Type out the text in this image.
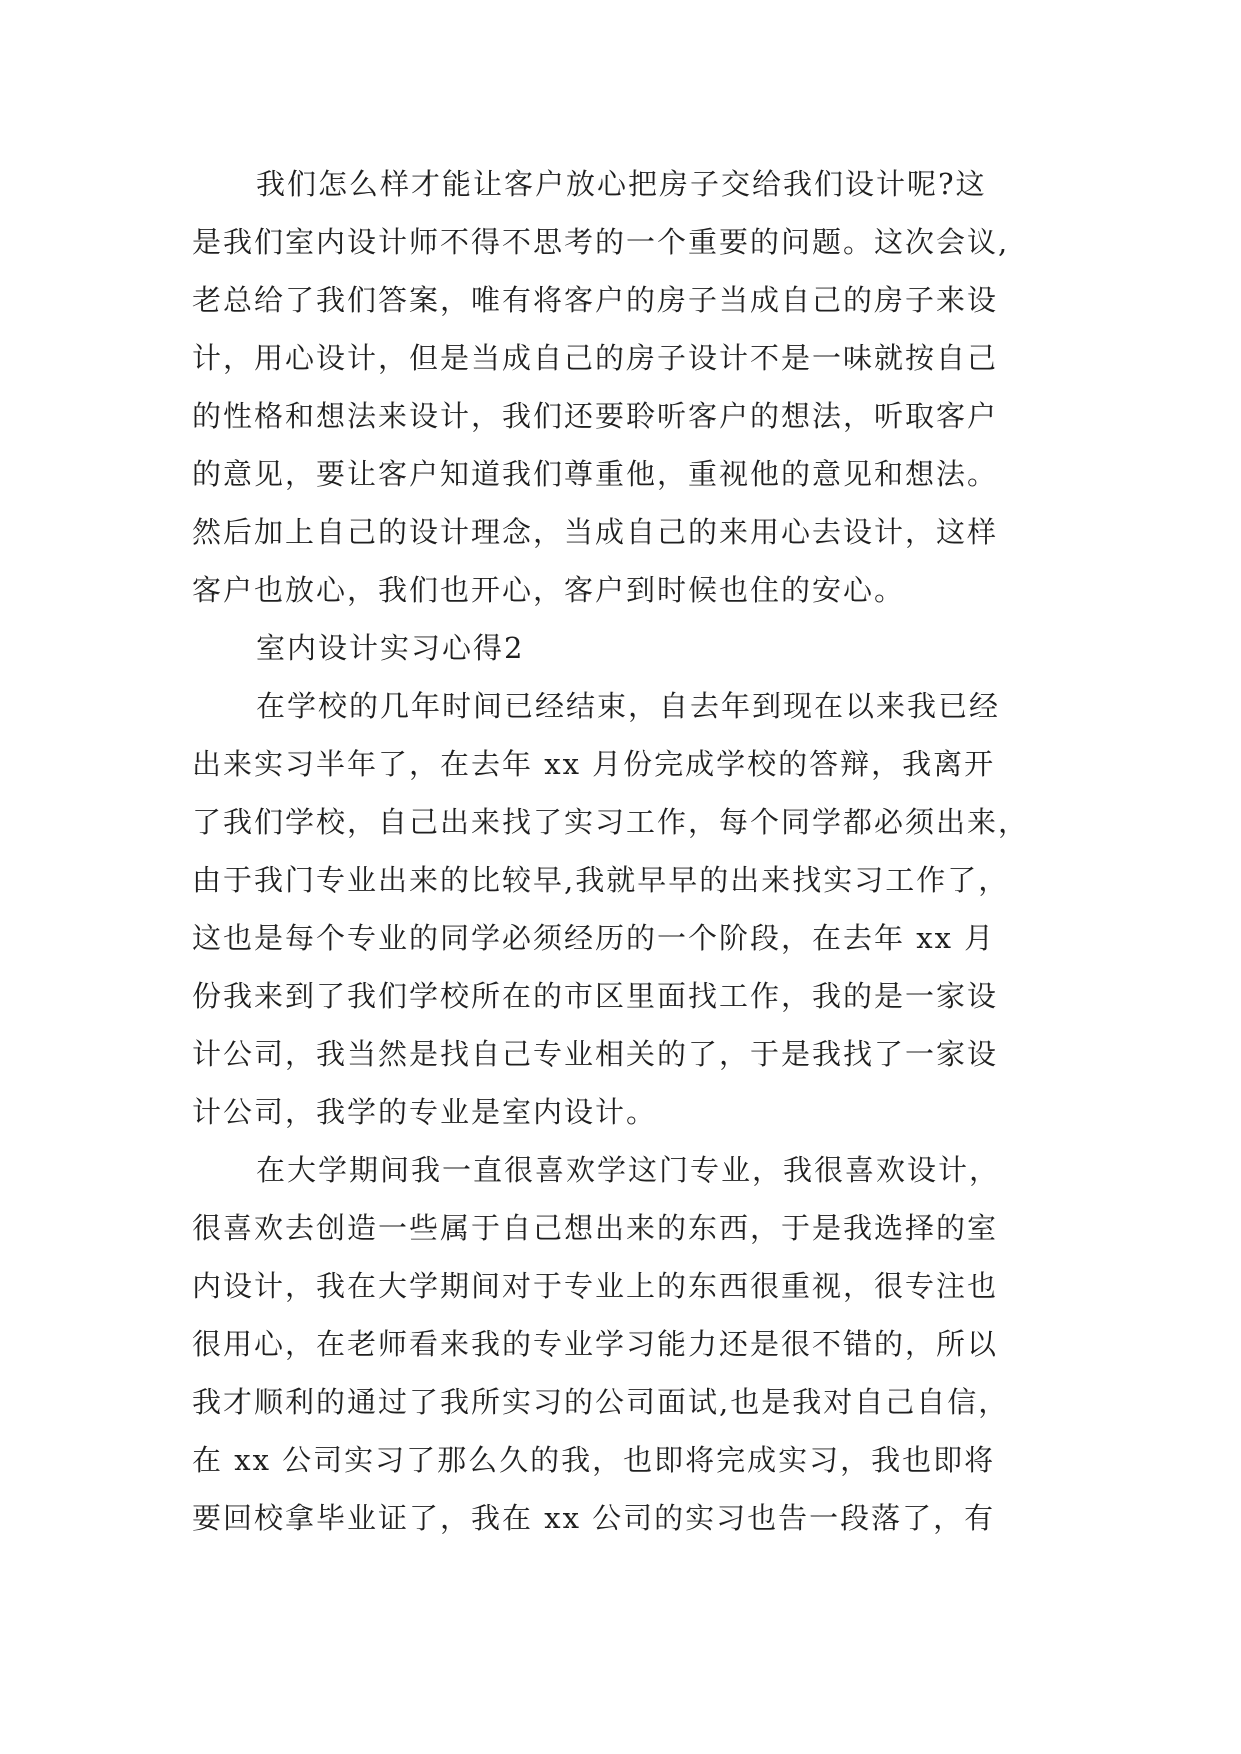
我们怎么样才能让客户放心把房子交给我们设计呢?这
是我们室内设计师不得不思考的一个重要的问题。这次会议,
老总给了我们答案，唯有将客户的房子当成自己的房子来设
计，用心设计，但是当成自己的房子设计不是一味就按自己
的性格和想法来设计，我们还要聆听客户的想法，听取客户
的意见，要让客户知道我们尊重他，重视他的意见和想法。
然后加上自己的设计理念，当成自己的来用心去设计，这样
客户也放心，我们也开心，客户到时候也住的安心。
室内设计实习心得2
在学校的几年时间已经结束，自去年到现在以来我已经
出来实习半年了，在去年 xx 月份完成学校的答辩，我离开
了我们学校，自己出来找了实习工作，每个同学都必须出来，
由于我门专业出来的比较早,我就早早的出来找实习工作了，
这也是每个专业的同学必须经历的一个阶段，在去年 xx 月
份我来到了我们学校所在的市区里面找工作，我的是一家设
计公司，我当然是找自己专业相关的了，于是我找了一家设
计公司，我学的专业是室内设计。
在大学期间我一直很喜欢学这门专业，我很喜欢设计，
很喜欢去创造一些属于自己想出来的东西，于是我选择的室
内设计，我在大学期间对于专业上的东西很重视，很专注也
很用心，在老师看来我的专业学习能力还是很不错的，所以
我才顺利的通过了我所实习的公司面试,也是我对自己自信，
在 xx 公司实习了那么久的我，也即将完成实习，我也即将
要回校拿毕业证了，我在 xx 公司的实习也告一段落了，有
